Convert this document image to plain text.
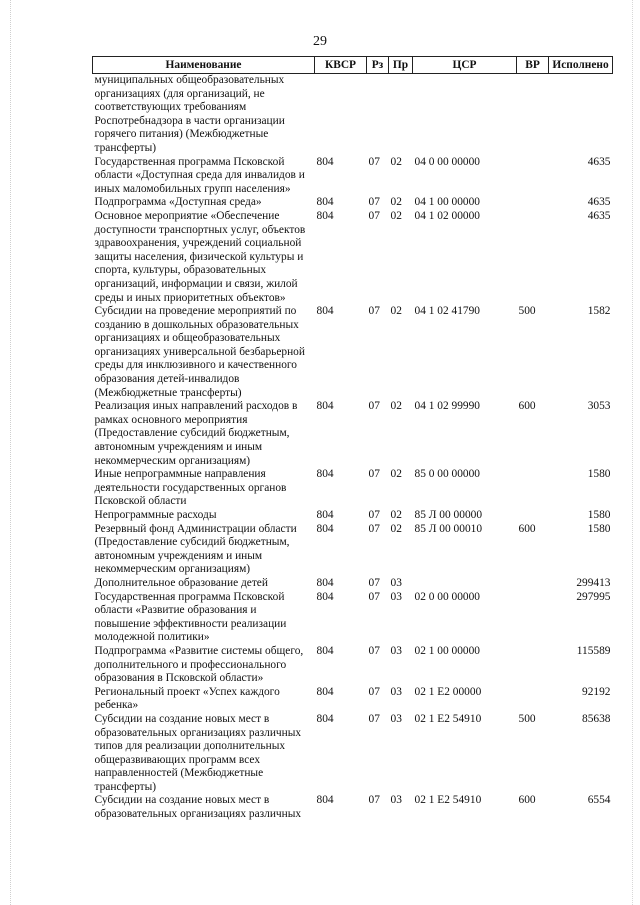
29
Наименование	КВСР	Рз	Пр	ЦСР	ВР	Исполнено
муниципальных общеобразовательных организациях (для организаций, не соответствующих требованиям Роспотребнадзора в части организации горячего питания) (Межбюджетные трансферты)						
Государственная программа Псковской области «Доступная среда для инвалидов и иных маломобильных групп населения»	804	07	02	04 0 00 00000		4635
Подпрограмма «Доступная среда»	804	07	02	04 1 00 00000		4635
Основное мероприятие «Обеспечение доступности транспортных услуг, объектов здравоохранения, учреждений социальной защиты населения, физической культуры и спорта, культуры, образовательных организаций, информации и связи, жилой среды и иных приоритетных объектов»	804	07	02	04 1 02 00000		4635
Субсидии на проведение мероприятий по созданию в дошкольных образовательных организациях и общеобразовательных организациях универсальной безбарьерной среды для инклюзивного и качественного образования детей-инвалидов (Межбюджетные трансферты)	804	07	02	04 1 02 41790	500	1582
Реализация иных направлений расходов в рамках основного мероприятия (Предоставление субсидий бюджетным, автономным учреждениям и иным некоммерческим организациям)	804	07	02	04 1 02 99990	600	3053
Иные непрограммные направления деятельности государственных органов Псковской области	804	07	02	85 0 00 00000		1580
Непрограммные расходы	804	07	02	85 Л 00 00000		1580
Резервный фонд Администрации области (Предоставление субсидий бюджетным, автономным учреждениям и иным некоммерческим организациям)	804	07	02	85 Л 00 00010	600	1580
Дополнительное образование детей	804	07	03			299413
Государственная программа Псковской области «Развитие образования и повышение эффективности реализации молодежной политики»	804	07	03	02 0 00 00000		297995
Подпрограмма «Развитие системы общего, дополнительного и профессионального образования в Псковской области»	804	07	03	02 1 00 00000		115589
Региональный проект «Успех каждого ребенка»	804	07	03	02 1 Е2 00000		92192
Субсидии на создание новых мест в образовательных организациях различных типов для реализации дополнительных общеразвивающих программ всех направленностей (Межбюджетные трансферты)	804	07	03	02 1 Е2 54910	500	85638
Субсидии на создание новых мест в образовательных организациях различных	804	07	03	02 1 Е2 54910	600	6554
